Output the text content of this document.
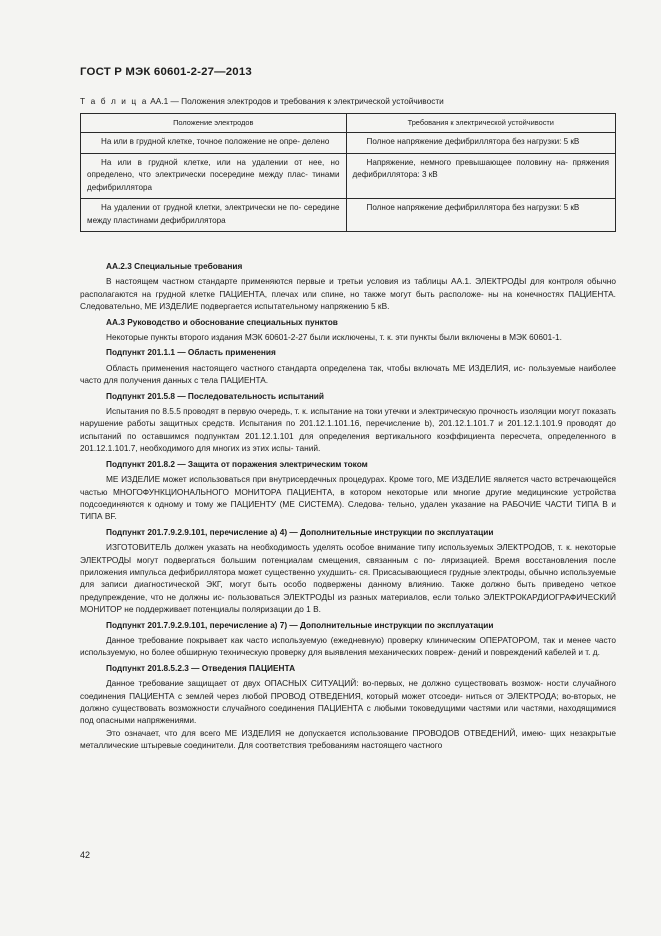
ГОСТ Р МЭК 60601-2-27—2013
Т а б л и ц а АА.1 — Положения электродов и требования к электрической устойчивости
Положение электродов	Требования к электрической устойчивости
На или в грудной клетке, точное положение не опре- делено	Полное напряжение дефибриллятора без нагрузки: 5 кВ
На или в грудной клетке, или на удалении от нее, но определено, что электрически посередине между плас- тинами дефибриллятора	Напряжение, немного превышающее половину на- пряжения дефибриллятора: 3 кВ
На удалении от грудной клетки, электрически не по- середине между пластинами дефибриллятора	Полное напряжение дефибриллятора без нагрузки: 5 кВ

AA.2.3 Специальные требования

В настоящем частном стандарте применяются первые и третьи условия из таблицы АА.1. ЭЛЕКТРОДЫ для контроля обычно располагаются на грудной клетке ПАЦИЕНТА, плечах или спине, но также могут быть расположе- ны на конечностях ПАЦИЕНТА. Следовательно, ME ИЗДЕЛИЕ подвергается испытательному напряжению 5 кВ.

AA.3 Руководство и обоснование специальных пунктов

Некоторые пункты второго издания МЭК 60601-2-27 были исключены, т. к. эти пункты были включены в МЭК 60601-1.

Подпункт 201.1.1 — Область применения

Область применения настоящего частного стандарта определена так, чтобы включать ME ИЗДЕЛИЯ, ис- пользуемые наиболее часто для получения данных с тела ПАЦИЕНТА.

Подпункт 201.5.8 — Последовательность испытаний

Испытания по 8.5.5 проводят в первую очередь, т. к. испытание на токи утечки и электрическую прочность изоляции могут показать нарушение работы защитных средств. Испытания по 201.12.1.101.16, перечисление b), 201.12.1.101.7 и 201.12.1.101.9 проводят до испытаний по оставшимся подпунктам 201.12.1.101 для определения вертикального коэффициента пересчета, определенного в 201.12.1.101.7, необходимого для многих из этих испы- таний.

Подпункт 201.8.2 — Защита от поражения электрическим током

ME ИЗДЕЛИЕ может использоваться при внутрисердечных процедурах. Кроме того, ME ИЗДЕЛИЕ является часто встречающейся частью МНОГОФУНКЦИОНАЛЬНОГО МОНИТОРА ПАЦИЕНТА, в котором некоторые или многие другие медицинские устройства подсоединяются к одному и тому же ПАЦИЕНТУ (ME СИСТЕМА). Следова- тельно, удален указание на РАБОЧИЕ ЧАСТИ ТИПА В и ТИПА BF.

Подпункт 201.7.9.2.9.101, перечисление а) 4) — Дополнительные инструкции по эксплуатации

ИЗГОТОВИТЕЛЬ должен указать на необходимость уделять особое внимание типу используемых ЭЛЕКТРОДОВ, т. к. некоторые ЭЛЕКТРОДЫ могут подвергаться большим потенциалам смещения, связанным с по- ляризацией. Время восстановления после приложения импульса дефибриллятора может существенно ухудшить- ся. Присасывающиеся грудные электроды, обычно используемые для записи диагностической ЭКГ, могут быть особо подвержены данному влиянию. Также должно быть приведено четкое предупреждение, что не должны ис- пользоваться ЭЛЕКТРОДЫ из разных материалов, если только ЭЛЕКТРОКАРДИОГРАФИЧЕСКИЙ МОНИТОР не поддерживает потенциалы поляризации до 1 В.

Подпункт 201.7.9.2.9.101, перечисление а) 7) — Дополнительные инструкции по эксплуатации

Данное требование покрывает как часто используемую (ежедневную) проверку клиническим ОПЕРАТОРОМ, так и менее часто используемую, но более обширную техническую проверку для выявления механических повреж- дений и повреждений кабелей и т. д.

Подпункт 201.8.5.2.3 — Отведения ПАЦИЕНТА

Данное требование защищает от двух ОПАСНЫХ СИТУАЦИЙ: во-первых, не должно существовать возмож- ности случайного соединения ПАЦИЕНТА с землей через любой ПРОВОД ОТВЕДЕНИЯ, который может отсоеди- ниться от ЭЛЕКТРОДА; во-вторых, не должно существовать возможности случайного соединения ПАЦИЕНТА с любыми токоведущими частями или частями, находящимися под опасными напряжениями.

Это означает, что для всего ME ИЗДЕЛИЯ не допускается использование ПРОВОДОВ ОТВЕДЕНИЙ, имею- щих незакрытые металлические штыревые соединители. Для соответствия требованиям настоящего частного

42
